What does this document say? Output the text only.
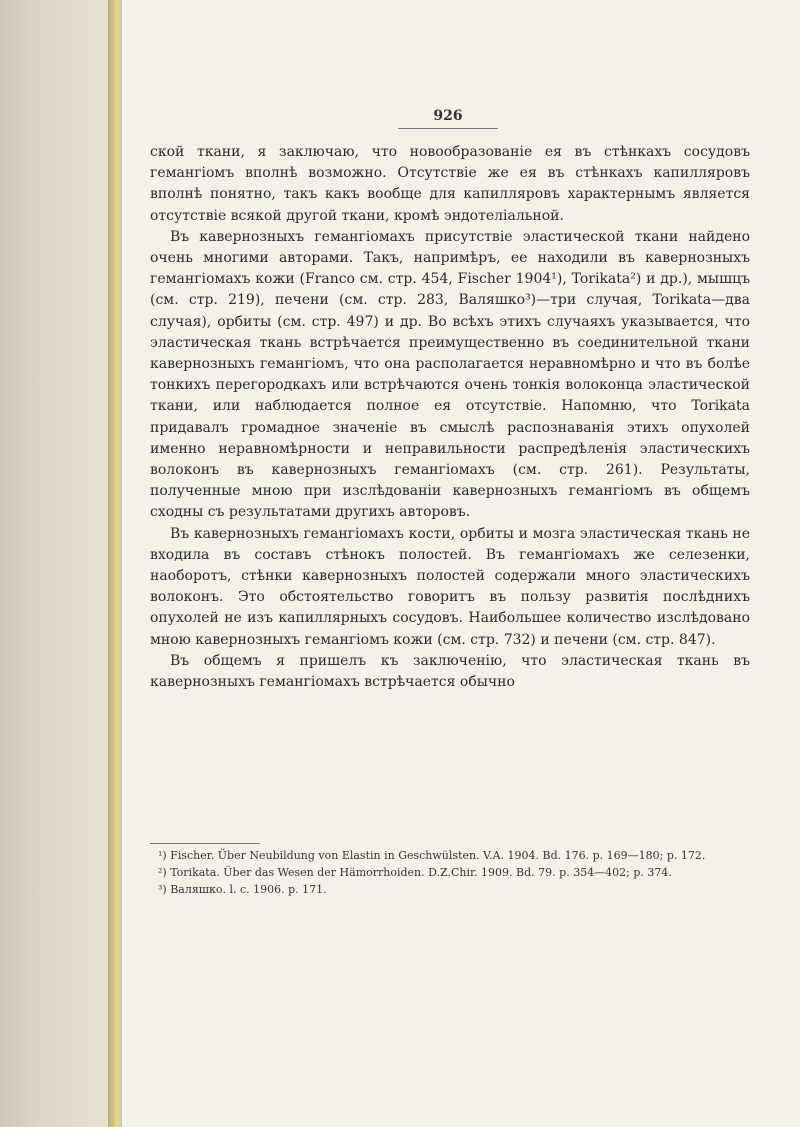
926

ской ткани, я заключаю, что новообразованіе ея въ стѣнкахъ сосудовъ гемангіомъ вполнѣ возможно. Отсутствіе же ея въ стѣнкахъ капилляровъ вполнѣ понятно, такъ какъ вообще для капилляровъ характернымъ является отсутствіе всякой другой ткани, кромѣ эндотеліальной.

Въ кавернозныхъ гемангіомахъ присутствіе эластической ткани найдено очень многими авторами. Такъ, напримѣръ, ее находили въ кавернозныхъ гемангіомахъ кожи (Franco см. стр. 454, Fischer 1904¹), Torikata²) и др.), мышцъ (см. стр. 219), печени (см. стр. 283, Валяшко³)—три случая, Torikata—два случая), орбиты (см. стр. 497) и др. Во всѣхъ этихъ случаяхъ указывается, что эластическая ткань встрѣчается преимущественно въ соединительной ткани кавернозныхъ гемангіомъ, что она располагается неравномѣрно и что въ болѣе тонкихъ перегородкахъ или встрѣчаются очень тонкія волоконца эластической ткани, или наблюдается полное ея отсутствіе. Напомню, что Torikata придавалъ громадное значеніе въ смыслѣ распознаванія этихъ опухолей именно неравномѣрности и неправильности распредѣленія эластическихъ волоконъ въ кавернозныхъ гемангіомахъ (см. стр. 261). Результаты, полученные мною при изслѣдованіи кавернозныхъ гемангіомъ въ общемъ сходны съ результатами другихъ авторовъ.

Въ кавернозныхъ гемангіомахъ кости, орбиты и мозга эластическая ткань не входила въ составъ стѣнокъ полостей. Въ гемангіомахъ же селезенки, наоборотъ, стѣнки кавернозныхъ полостей содержали много эластическихъ волоконъ. Это обстоятельство говоритъ въ пользу развитія послѣднихъ опухолей не изъ капиллярныхъ сосудовъ. Наибольшее количество изслѣдовано мною кавернозныхъ гемангіомъ кожи (см. стр. 732) и печени (см. стр. 847).

Въ общемъ я пришелъ къ заключенію, что эластическая ткань въ кавернозныхъ гемангіомахъ встрѣчается обычно

¹) Fischer. Über Neubildung von Elastin in Geschwülsten. V.A. 1904. Bd. 176. p. 169—180; p. 172.

²) Torikata. Über das Wesen der Hämorrhoiden. D.Z.Chir. 1909. Bd. 79. p. 354—402; p. 374.

³) Валяшко. l. c. 1906. p. 171.
